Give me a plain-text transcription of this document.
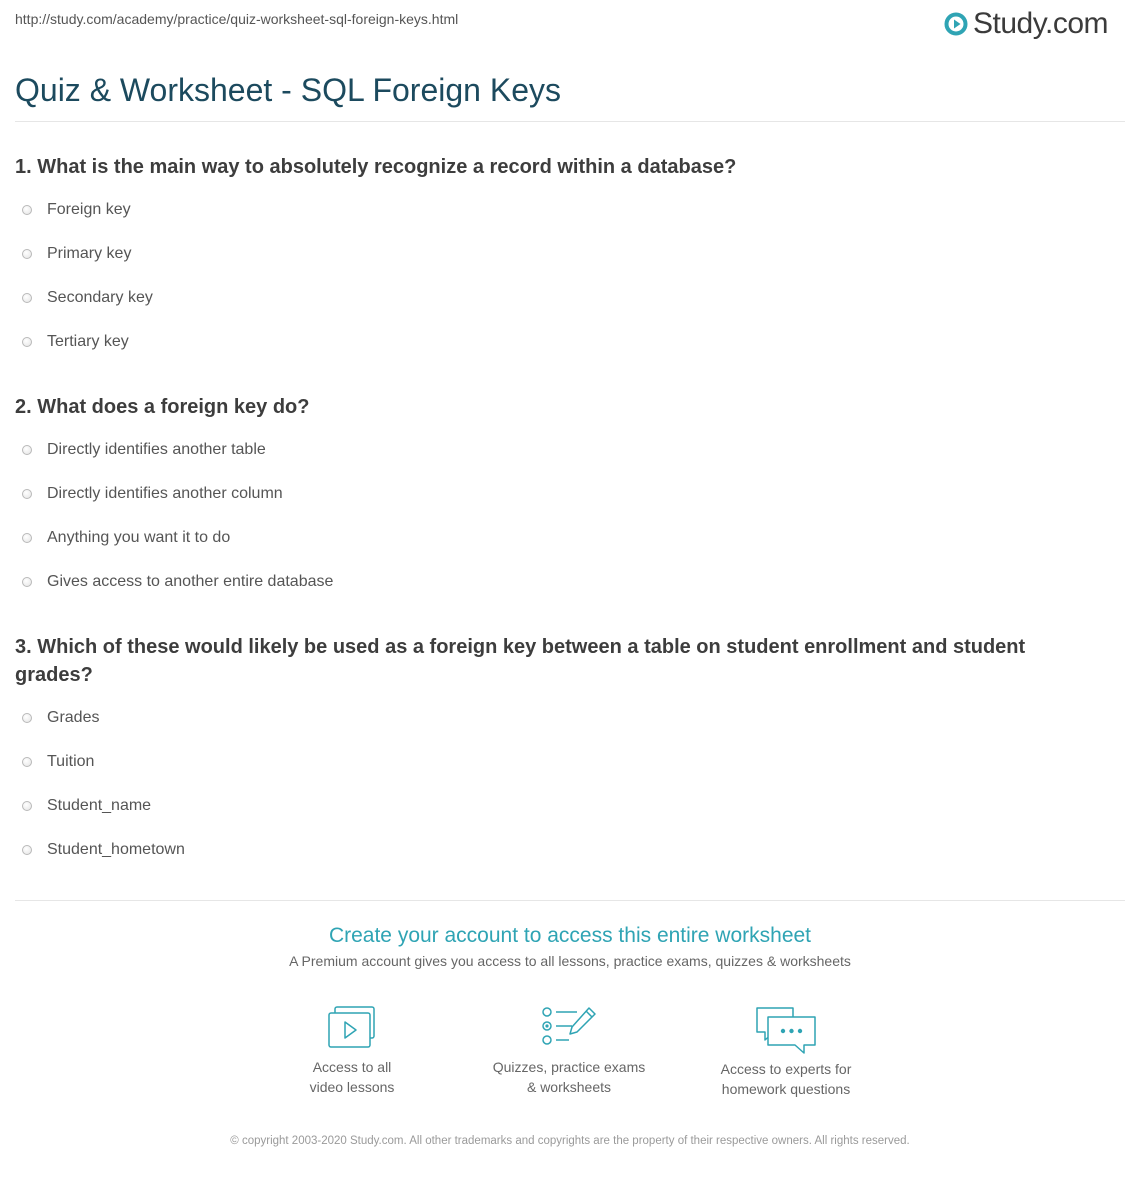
http://study.com/academy/practice/quiz-worksheet-sql-foreign-keys.html	Study.com
Quiz & Worksheet - SQL Foreign Keys
1. What is the main way to absolutely recognize a record within a database?
Foreign key
Primary key
Secondary key
Tertiary key
2. What does a foreign key do?
Directly identifies another table
Directly identifies another column
Anything you want it to do
Gives access to another entire database
3. Which of these would likely be used as a foreign key between a table on student enrollment and student grades?
Grades
Tuition
Student_name
Student_hometown
Create your account to access this entire worksheet
A Premium account gives you access to all lessons, practice exams, quizzes & worksheets
Access to all
video lessons
Quizzes, practice exams
& worksheets
Access to experts for
homework questions
© copyright 2003-2020 Study.com. All other trademarks and copyrights are the property of their respective owners. All rights reserved.
